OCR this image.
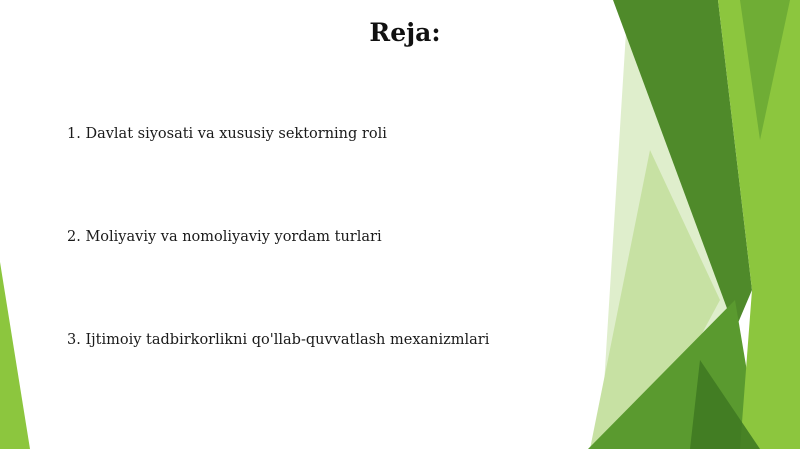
Reja:
1. Davlat siyosati va xususiy sektorning roli
2. Moliyaviy va nomoliyaviy yordam turlari
3. Ijtimoiy tadbirkorlikni qo'llab-quvvatlash mexanizmlari
